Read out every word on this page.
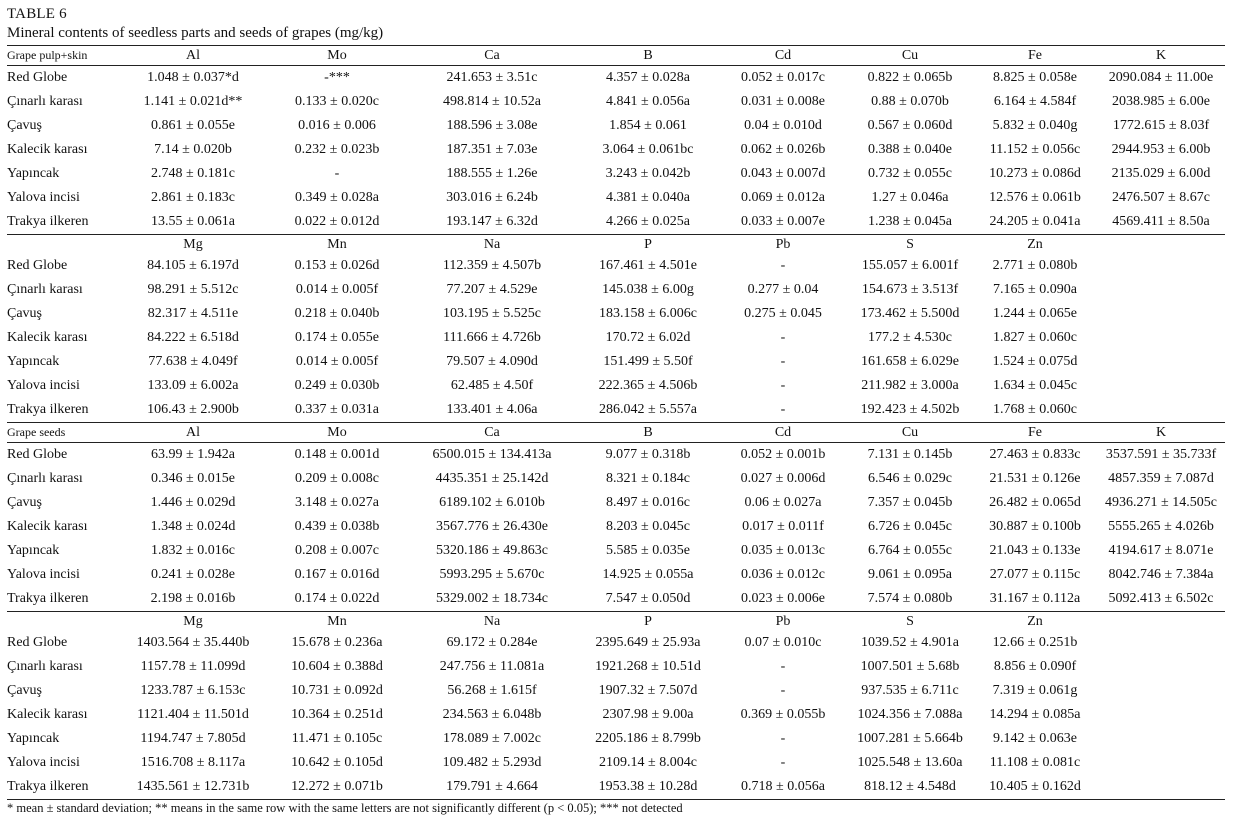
TABLE 6
Mineral contents of seedless parts and seeds of grapes (mg/kg)
Grape pulp+skin	Al	Mo	Ca	B	Cd	Cu	Fe	K
Red Globe	1.048 ± 0.037*d	-***	241.653 ± 3.51c	4.357 ± 0.028a	0.052 ± 0.017c	0.822 ± 0.065b	8.825 ± 0.058e	2090.084 ± 11.00e
Çınarlı karası	1.141 ± 0.021d**	0.133 ± 0.020c	498.814 ± 10.52a	4.841 ± 0.056a	0.031 ± 0.008e	0.88 ± 0.070b	6.164 ± 4.584f	2038.985 ± 6.00e
Çavuş	0.861 ± 0.055e	0.016 ± 0.006	188.596 ± 3.08e	1.854 ± 0.061	0.04 ± 0.010d	0.567 ± 0.060d	5.832 ± 0.040g	1772.615 ± 8.03f
Kalecik karası	7.14 ± 0.020b	0.232 ± 0.023b	187.351 ± 7.03e	3.064 ± 0.061bc	0.062 ± 0.026b	0.388 ± 0.040e	11.152 ± 0.056c	2944.953 ± 6.00b
Yapıncak	2.748 ± 0.181c	-	188.555 ± 1.26e	3.243 ± 0.042b	0.043 ± 0.007d	0.732 ± 0.055c	10.273 ± 0.086d	2135.029 ± 6.00d
Yalova incisi	2.861 ± 0.183c	0.349 ± 0.028a	303.016 ± 6.24b	4.381 ± 0.040a	0.069 ± 0.012a	1.27 ± 0.046a	12.576 ± 0.061b	2476.507 ± 8.67c
Trakya ilkeren	13.55 ± 0.061a	0.022 ± 0.012d	193.147 ± 6.32d	4.266 ± 0.025a	0.033 ± 0.007e	1.238 ± 0.045a	24.205 ± 0.041a	4569.411 ± 8.50a
	Mg	Mn	Na	P	Pb	S	Zn	
Red Globe	84.105 ± 6.197d	0.153 ± 0.026d	112.359 ± 4.507b	167.461 ± 4.501e	-	155.057 ± 6.001f	2.771 ± 0.080b	
Çınarlı karası	98.291 ± 5.512c	0.014 ± 0.005f	77.207 ± 4.529e	145.038 ± 6.00g	0.277 ± 0.04	154.673 ± 3.513f	7.165 ± 0.090a	
Çavuş	82.317 ± 4.511e	0.218 ± 0.040b	103.195 ± 5.525c	183.158 ± 6.006c	0.275 ± 0.045	173.462 ± 5.500d	1.244 ± 0.065e	
Kalecik karası	84.222 ± 6.518d	0.174 ± 0.055e	111.666 ± 4.726b	170.72 ± 6.02d	-	177.2 ± 4.530c	1.827 ± 0.060c	
Yapıncak	77.638 ± 4.049f	0.014 ± 0.005f	79.507 ± 4.090d	151.499 ± 5.50f	-	161.658 ± 6.029e	1.524 ± 0.075d	
Yalova incisi	133.09 ± 6.002a	0.249 ± 0.030b	62.485 ± 4.50f	222.365 ± 4.506b	-	211.982 ± 3.000a	1.634 ± 0.045c	
Trakya ilkeren	106.43 ± 2.900b	0.337 ± 0.031a	133.401 ± 4.06a	286.042 ± 5.557a	-	192.423 ± 4.502b	1.768 ± 0.060c	
Grape seeds	Al	Mo	Ca	B	Cd	Cu	Fe	K
Red Globe	63.99 ± 1.942a	0.148 ± 0.001d	6500.015 ± 134.413a	9.077 ± 0.318b	0.052 ± 0.001b	7.131 ± 0.145b	27.463 ± 0.833c	3537.591 ± 35.733f
Çınarlı karası	0.346 ± 0.015e	0.209 ± 0.008c	4435.351 ± 25.142d	8.321 ± 0.184c	0.027 ± 0.006d	6.546 ± 0.029c	21.531 ± 0.126e	4857.359 ± 7.087d
Çavuş	1.446 ± 0.029d	3.148 ± 0.027a	6189.102 ± 6.010b	8.497 ± 0.016c	0.06 ± 0.027a	7.357 ± 0.045b	26.482 ± 0.065d	4936.271 ± 14.505c
Kalecik karası	1.348 ± 0.024d	0.439 ± 0.038b	3567.776 ± 26.430e	8.203 ± 0.045c	0.017 ± 0.011f	6.726 ± 0.045c	30.887 ± 0.100b	5555.265 ± 4.026b
Yapıncak	1.832 ± 0.016c	0.208 ± 0.007c	5320.186 ± 49.863c	5.585 ± 0.035e	0.035 ± 0.013c	6.764 ± 0.055c	21.043 ± 0.133e	4194.617 ± 8.071e
Yalova incisi	0.241 ± 0.028e	0.167 ± 0.016d	5993.295 ± 5.670c	14.925 ± 0.055a	0.036 ± 0.012c	9.061 ± 0.095a	27.077 ± 0.115c	8042.746 ± 7.384a
Trakya ilkeren	2.198 ± 0.016b	0.174 ± 0.022d	5329.002 ± 18.734c	7.547 ± 0.050d	0.023 ± 0.006e	7.574 ± 0.080b	31.167 ± 0.112a	5092.413 ± 6.502c
	Mg	Mn	Na	P	Pb	S	Zn	
Red Globe	1403.564 ± 35.440b	15.678 ± 0.236a	69.172 ± 0.284e	2395.649 ± 25.93a	0.07 ± 0.010c	1039.52 ± 4.901a	12.66 ± 0.251b	
Çınarlı karası	1157.78 ± 11.099d	10.604 ± 0.388d	247.756 ± 11.081a	1921.268 ± 10.51d	-	1007.501 ± 5.68b	8.856 ± 0.090f	
Çavuş	1233.787 ± 6.153c	10.731 ± 0.092d	56.268 ± 1.615f	1907.32 ± 7.507d	-	937.535 ± 6.711c	7.319 ± 0.061g	
Kalecik karası	1121.404 ± 11.501d	10.364 ± 0.251d	234.563 ± 6.048b	2307.98 ± 9.00a	0.369 ± 0.055b	1024.356 ± 7.088a	14.294 ± 0.085a	
Yapıncak	1194.747 ± 7.805d	11.471 ± 0.105c	178.089 ± 7.002c	2205.186 ± 8.799b	-	1007.281 ± 5.664b	9.142 ± 0.063e	
Yalova incisi	1516.708 ± 8.117a	10.642 ± 0.105d	109.482 ± 5.293d	2109.14 ± 8.004c	-	1025.548 ± 13.60a	11.108 ± 0.081c	
Trakya ilkeren	1435.561 ± 12.731b	12.272 ± 0.071b	179.791 ± 4.664	1953.38 ± 10.28d	0.718 ± 0.056a	818.12 ± 4.548d	10.405 ± 0.162d	
* mean ± standard deviation; ** means in the same row with the same letters are not significantly different (p < 0.05); *** not detected
